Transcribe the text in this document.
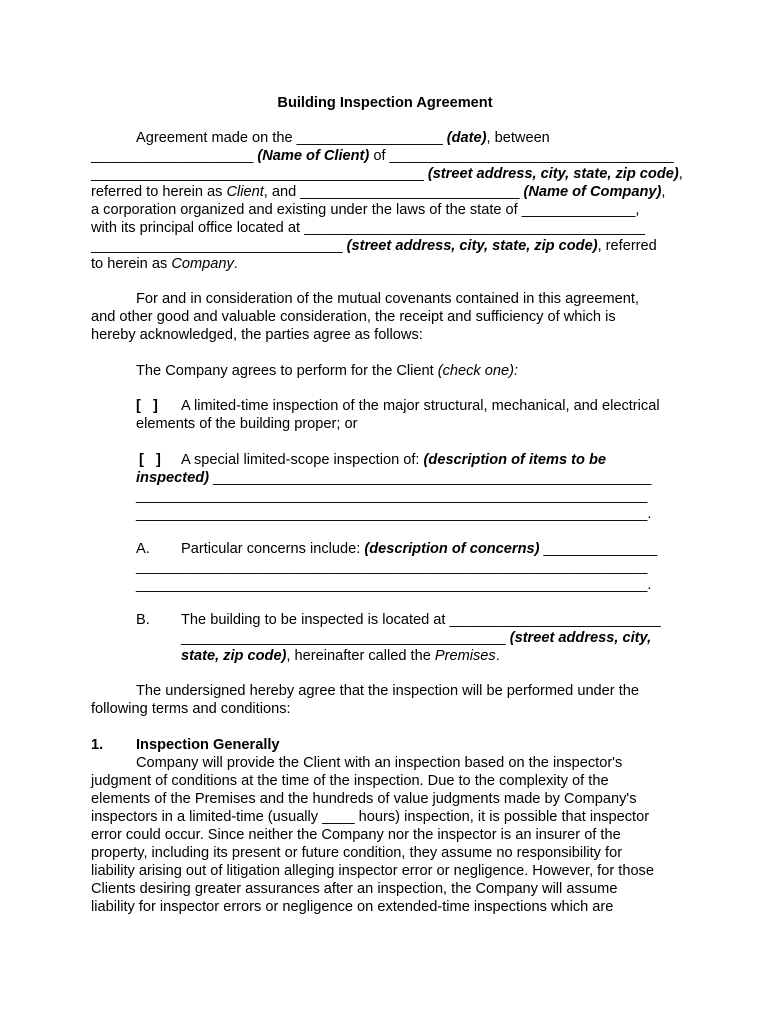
Building Inspection Agreement
Agreement made on the __________________ (date), between
____________________ (Name of Client) of ___________________________________
_________________________________________ (street address, city, state, zip code),
referred to herein as Client, and ___________________________ (Name of Company),
a corporation organized and existing under the laws of the state of ______________,
with its principal office located at __________________________________________
_______________________________ (street address, city, state, zip code), referred
to herein as Company.
For and in consideration of the mutual covenants contained in this agreement,
and other good and valuable consideration, the receipt and sufficiency of which is
hereby acknowledged, the parties agree as follows:
The Company agrees to perform for the Client (check one):
[   ] A limited-time inspection of the major structural, mechanical, and electrical
elements of the building proper; or
[   ] A special limited-scope inspection of: (description of items to be
inspected) ______________________________________________________
_______________________________________________________________
_______________________________________________________________.
A. Particular concerns include: (description of concerns) ______________
_______________________________________________________________
_______________________________________________________________.
B. The building to be inspected is located at __________________________
________________________________________ (street address, city,
state, zip code), hereinafter called the Premises.
The undersigned hereby agree that the inspection will be performed under the
following terms and conditions:
1. Inspection Generally
Company will provide the Client with an inspection based on the inspector's
judgment of conditions at the time of the inspection. Due to the complexity of the
elements of the Premises and the hundreds of value judgments made by Company's
inspectors in a limited-time (usually ____ hours) inspection, it is possible that inspector
error could occur. Since neither the Company nor the inspector is an insurer of the
property, including its present or future condition, they assume no responsibility for
liability arising out of litigation alleging inspector error or negligence. However, for those
Clients desiring greater assurances after an inspection, the Company will assume
liability for inspector errors or negligence on extended-time inspections which are
